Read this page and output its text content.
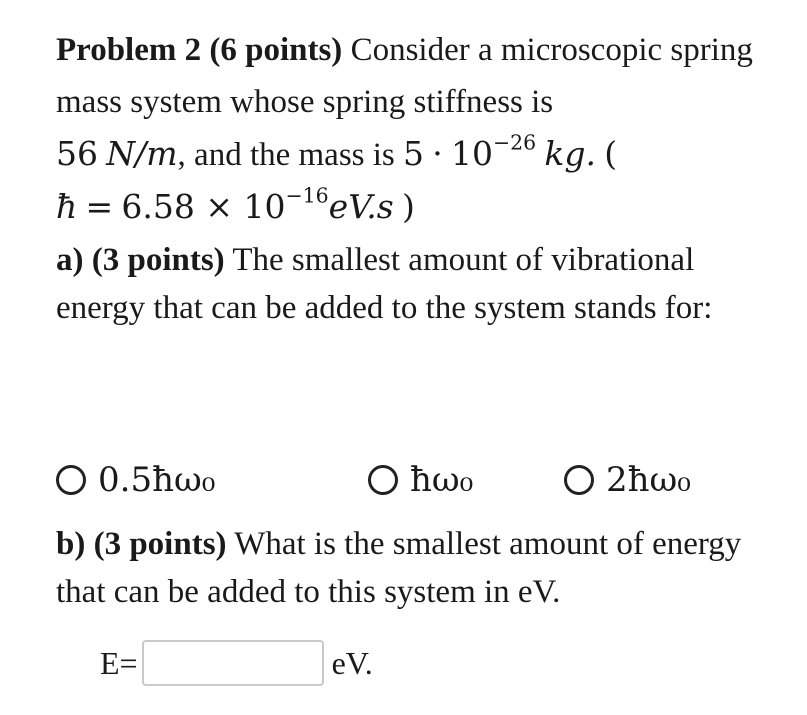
Problem 2 (6 points) Consider a microscopic spring mass system whose spring stiffness is
56 N/m, and the mass is $5 \cdot 10^{-26}$ kg. (
ħ = $6.58 \times 10^{-16}eV.s$ )
a) (3 points) The smallest amount of vibrational energy that can be added to the system stands for:
0.5ħω₀	ħω₀	2ħω₀
b) (3 points) What is the smallest amount of energy that can be added to this system in eV.
E=	eV.
